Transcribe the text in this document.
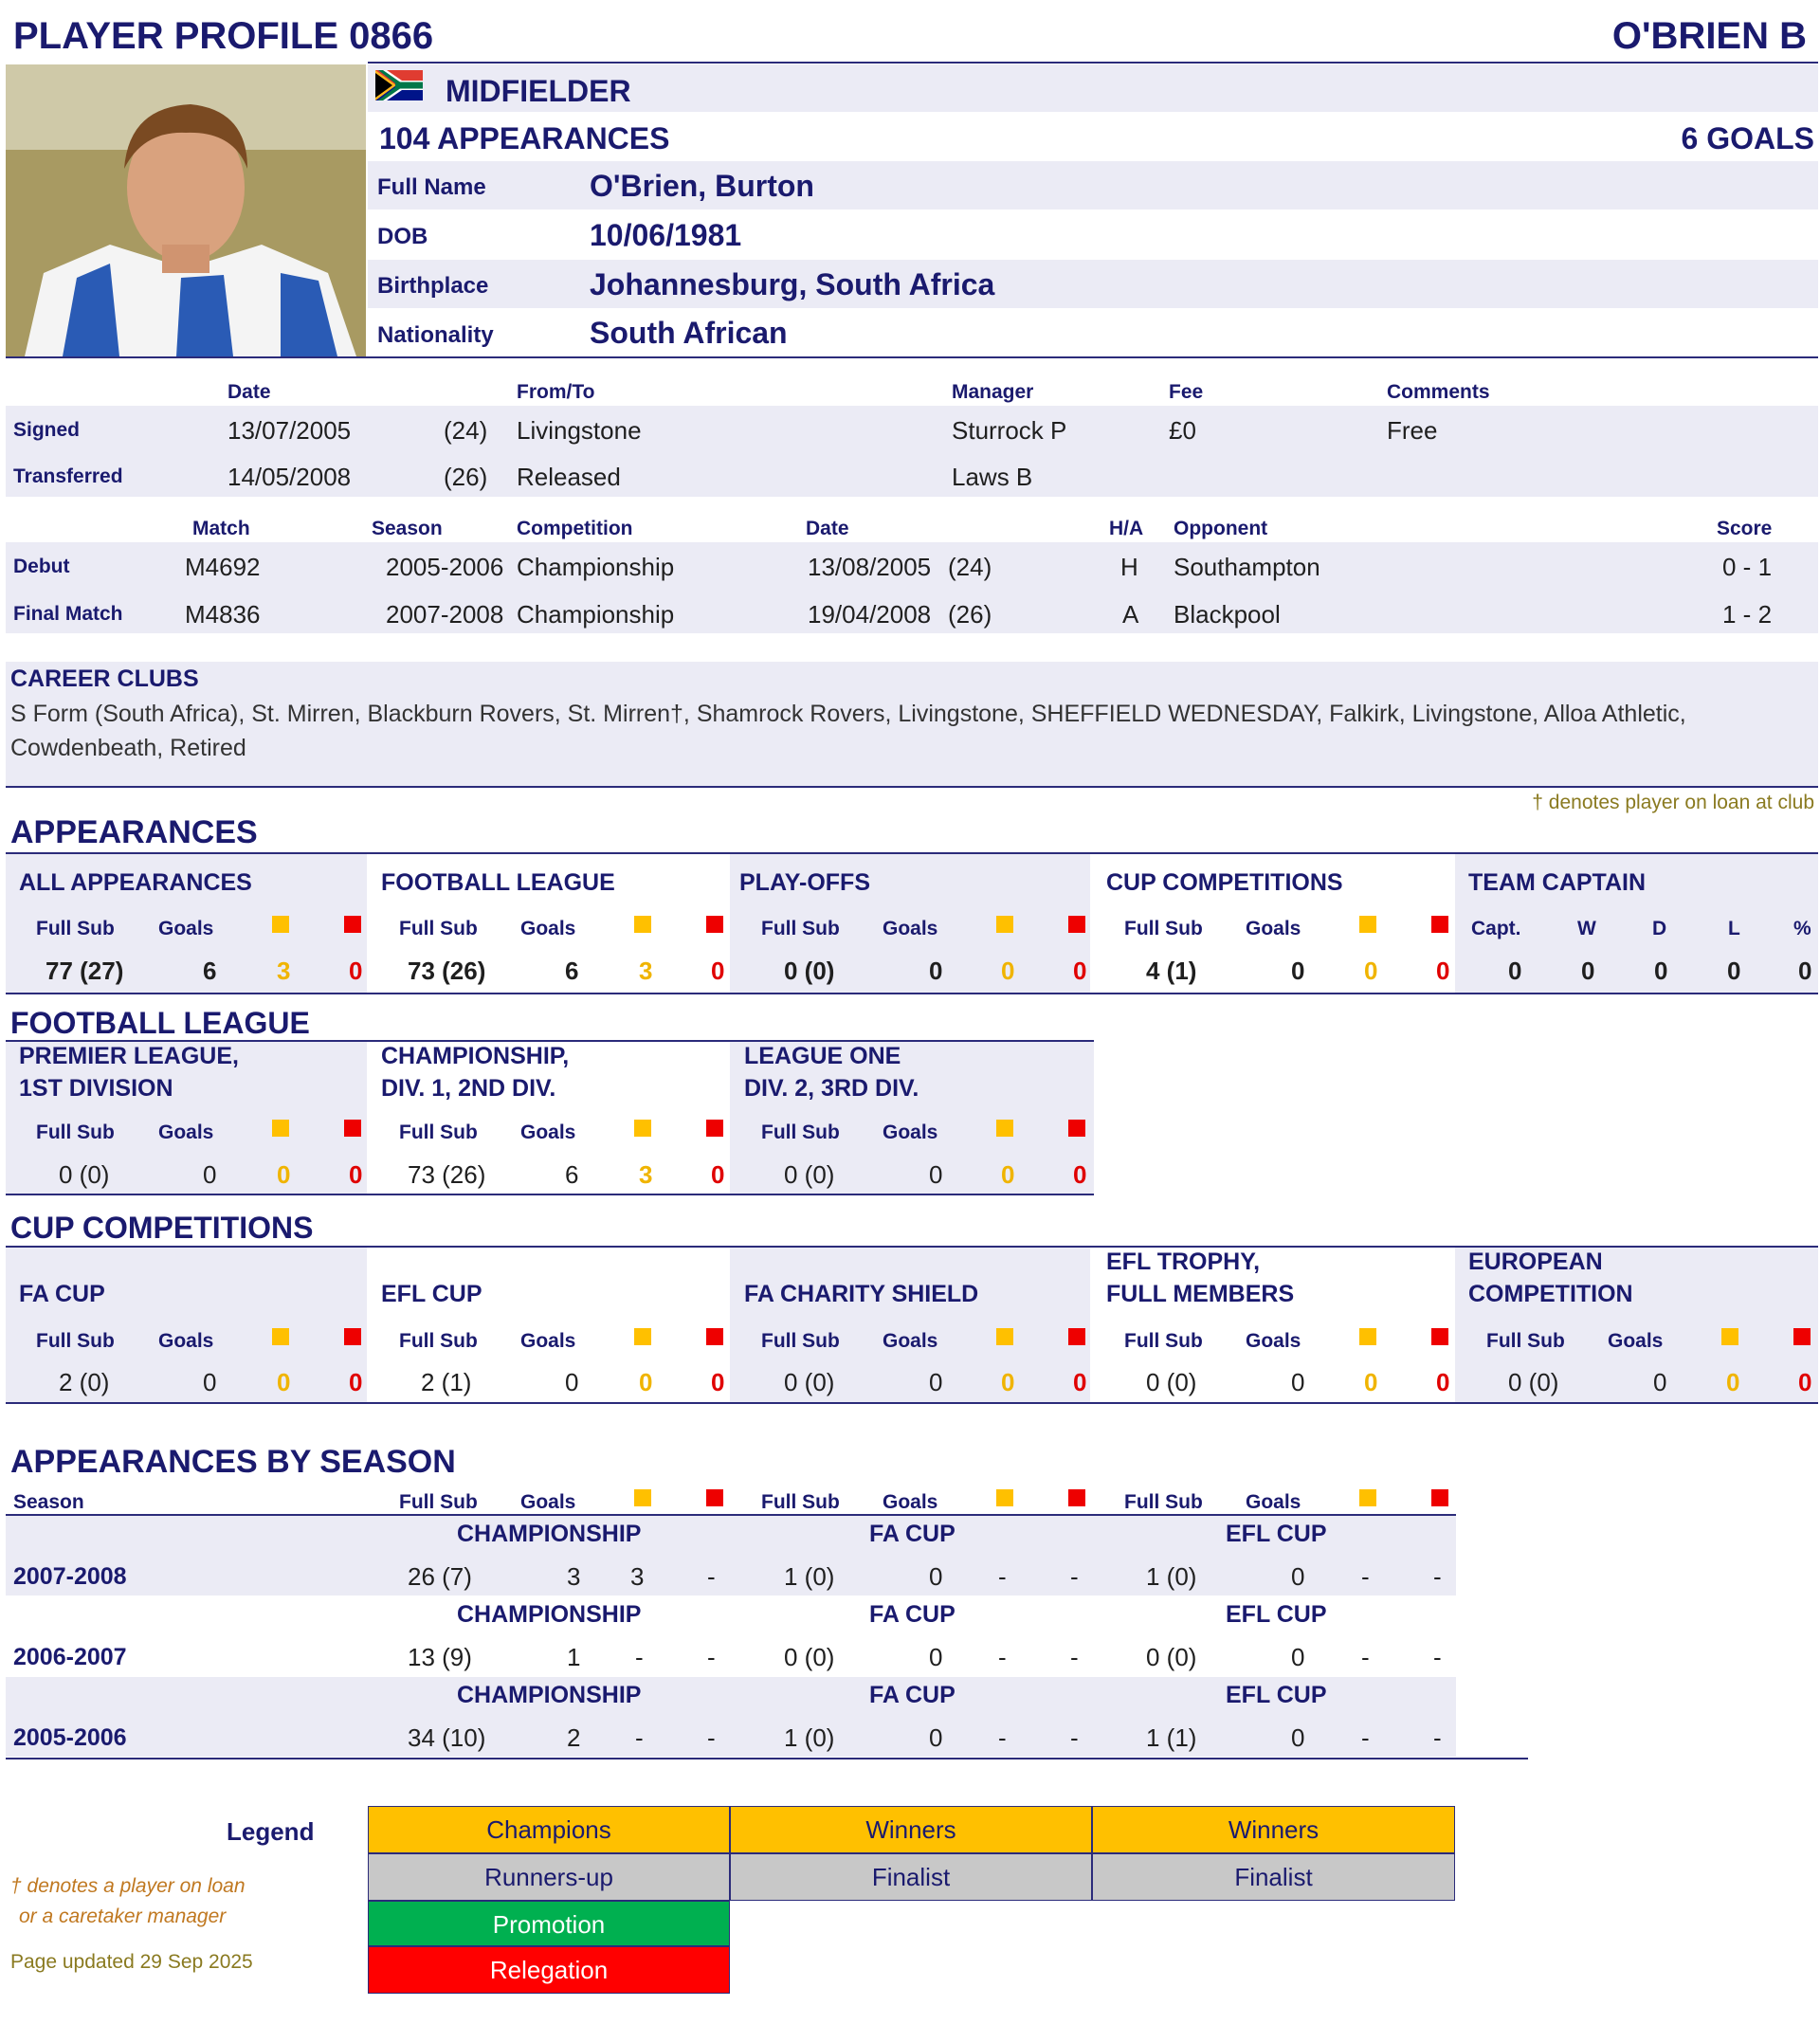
PLAYER PROFILE 0866	O'BRIEN B
MIDFIELDER
104 APPEARANCES	6 GOALS
Full Name	O'Brien, Burton
DOB	10/06/1981
Birthplace	Johannesburg, South Africa
Nationality	South African
Date	From/To	Manager	Fee	Comments
Signed	13/07/2005	(24) Livingstone	Sturrock P	£0	Free
Transferred	14/05/2008	(26) Released	Laws B
Match	Season	Competition	Date	H/A Opponent	Score
Debut	M4692	2005-2006 Championship	13/08/2005 (24)	H Southampton	0 - 1
Final Match	M4836	2007-2008 Championship	19/04/2008 (26)	A Blackpool	1 - 2
CAREER CLUBS
S Form (South Africa), St. Mirren, Blackburn Rovers, St. Mirren†, Shamrock Rovers, Livingstone, SHEFFIELD WEDNESDAY, Falkirk, Livingstone, Alloa Athletic,
Cowdenbeath, Retired
† denotes player on loan at club
APPEARANCES
ALL APPEARANCES
Full Sub Goals
77 (27)	6 3 0
FOOTBALL LEAGUE
Full Sub Goals
73 (26)	6 3 0
PLAY-OFFS
Full Sub Goals
0 (0)	0 0 0
CUP COMPETITIONS
Full Sub Goals
4 (1)	0 0 0
TEAM CAPTAIN
Capt.	W	D	L	%
0 0 0 0 0
FOOTBALL LEAGUE
PREMIER LEAGUE,
1ST DIVISION
Full Sub Goals
0 (0)	0 0 0
CHAMPIONSHIP,
DIV. 1, 2ND DIV.
Full Sub Goals
73 (26)	6 3 0
LEAGUE ONE
DIV. 2, 3RD DIV.
Full Sub Goals
0 (0)	0 0 0
CUP COMPETITIONS
FA CUP
Full Sub Goals
2 (0)	0 0 0
EFL CUP
Full Sub Goals
2 (1)	0 0 0
FA CHARITY SHIELD
Full Sub Goals
0 (0)	0 0 0
EFL TROPHY,
FULL MEMBERS
Full Sub Goals
0 (0)	0 0 0
EUROPEAN
COMPETITION
Full Sub Goals
0 (0)	0 0 0
APPEARANCES BY SEASON
Season	Full Sub Goals	Full Sub Goals	Full Sub Goals
CHAMPIONSHIP	FA CUP	EFL CUP
2007-2008	26 (7)	3 3	-	1 (0)	0 -	-	1 (0)	0 -	-
CHAMPIONSHIP	FA CUP	EFL CUP
2006-2007	13 (9)	1 -	-	0 (0)	0 -	-	0 (0)	0 -	-
CHAMPIONSHIP	FA CUP	EFL CUP
2005-2006	34 (10)	2 -	-	1 (0)	0 -	-	1 (1)	0 -	-
Legend
† denotes a player on loan
or a caretaker manager
Page updated 29 Sep 2025
Champions	Winners	Winners
Runners-up	Finalist	Finalist
Promotion
Relegation
